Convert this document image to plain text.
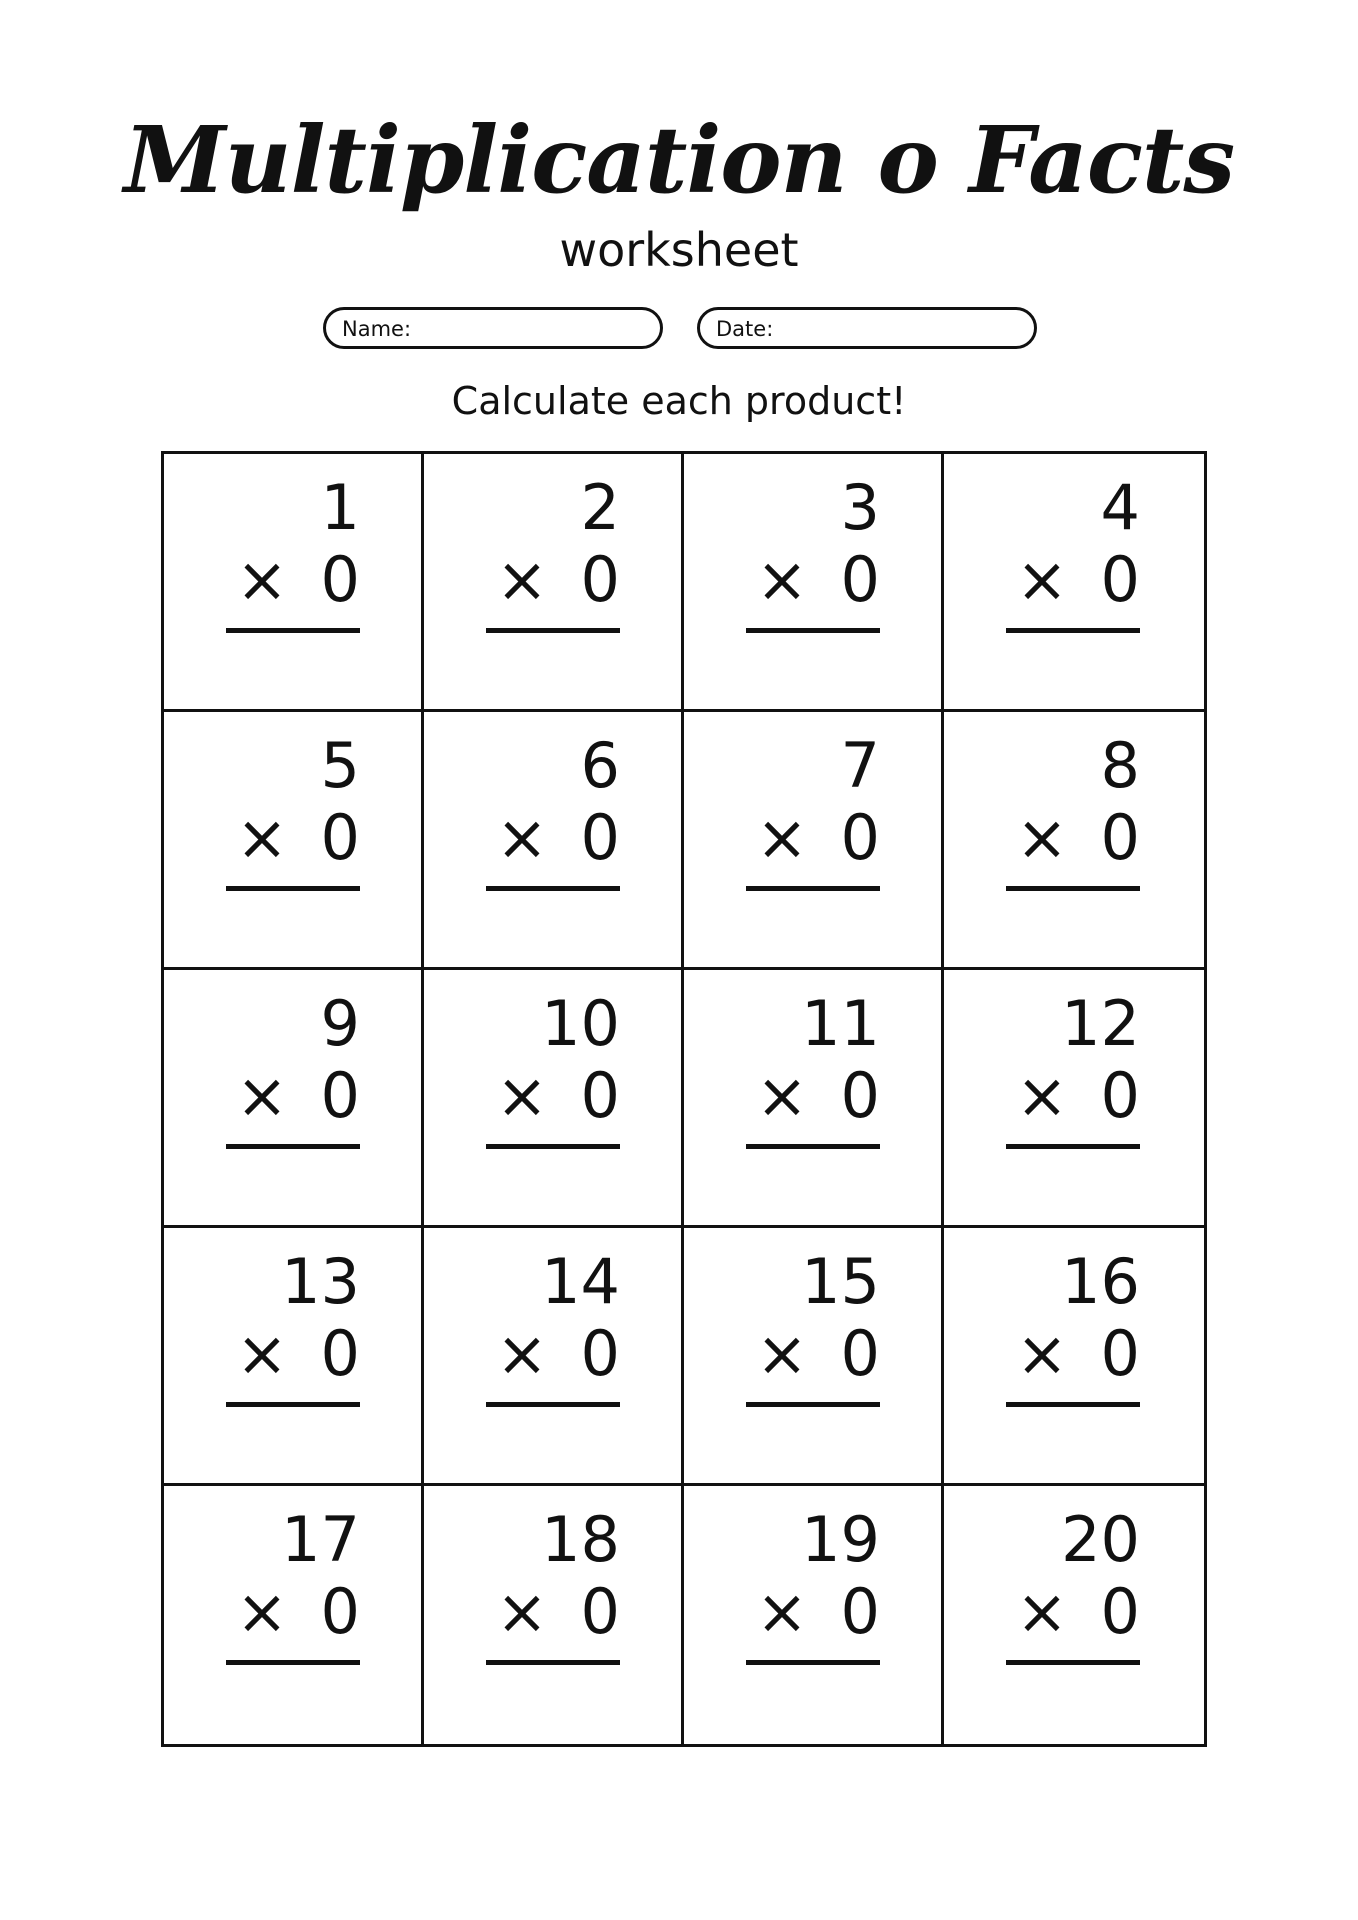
Multiplication o Facts
worksheet
Name:	Date:
Calculate each product!
1
× 0
2
× 0
3
× 0
4
× 0
5
× 0
6
× 0
7
× 0
8
× 0
9
× 0
10
× 0
11
× 0
12
× 0
13
× 0
14
× 0
15
× 0
16
× 0
17
× 0
18
× 0
19
× 0
20
× 0
